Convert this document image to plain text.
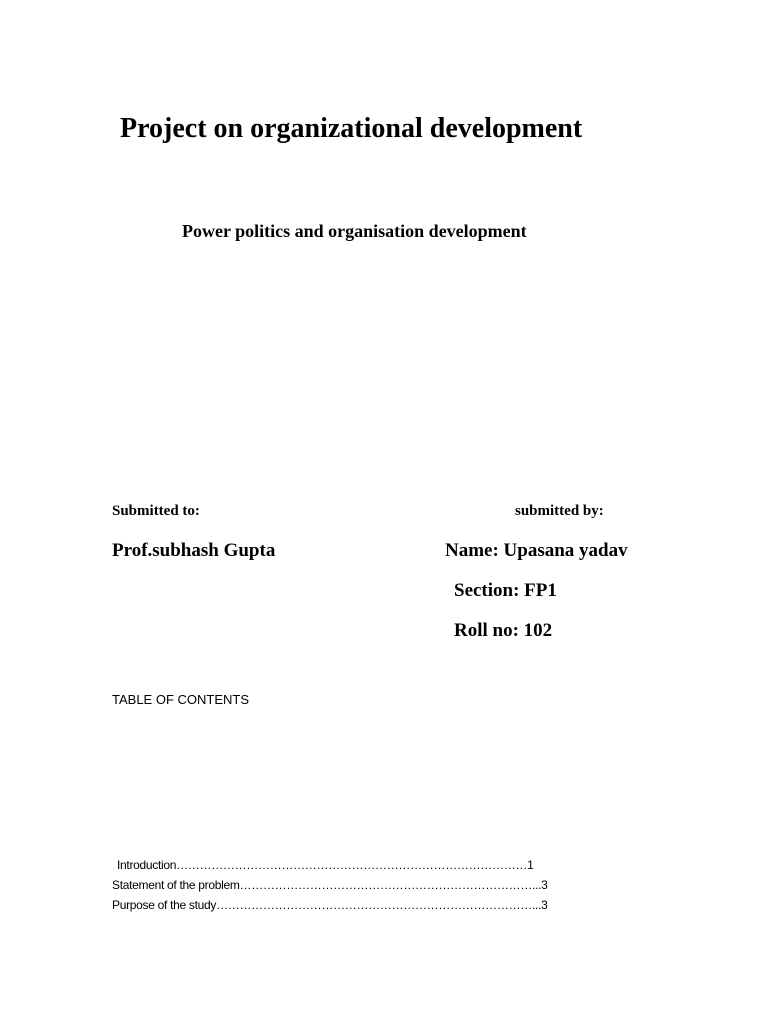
Project on organizational development
Power politics and organisation development
Submitted to:	submitted by:
Prof.subhash Gupta	Name: Upasana yadav
Section: FP1
Roll no: 102
TABLE OF CONTENTS
Introduction………………………………………………………………………………1
Statement of the problem…………………………………………………………………...3
Purpose of the study………………………………………………………………………...3
